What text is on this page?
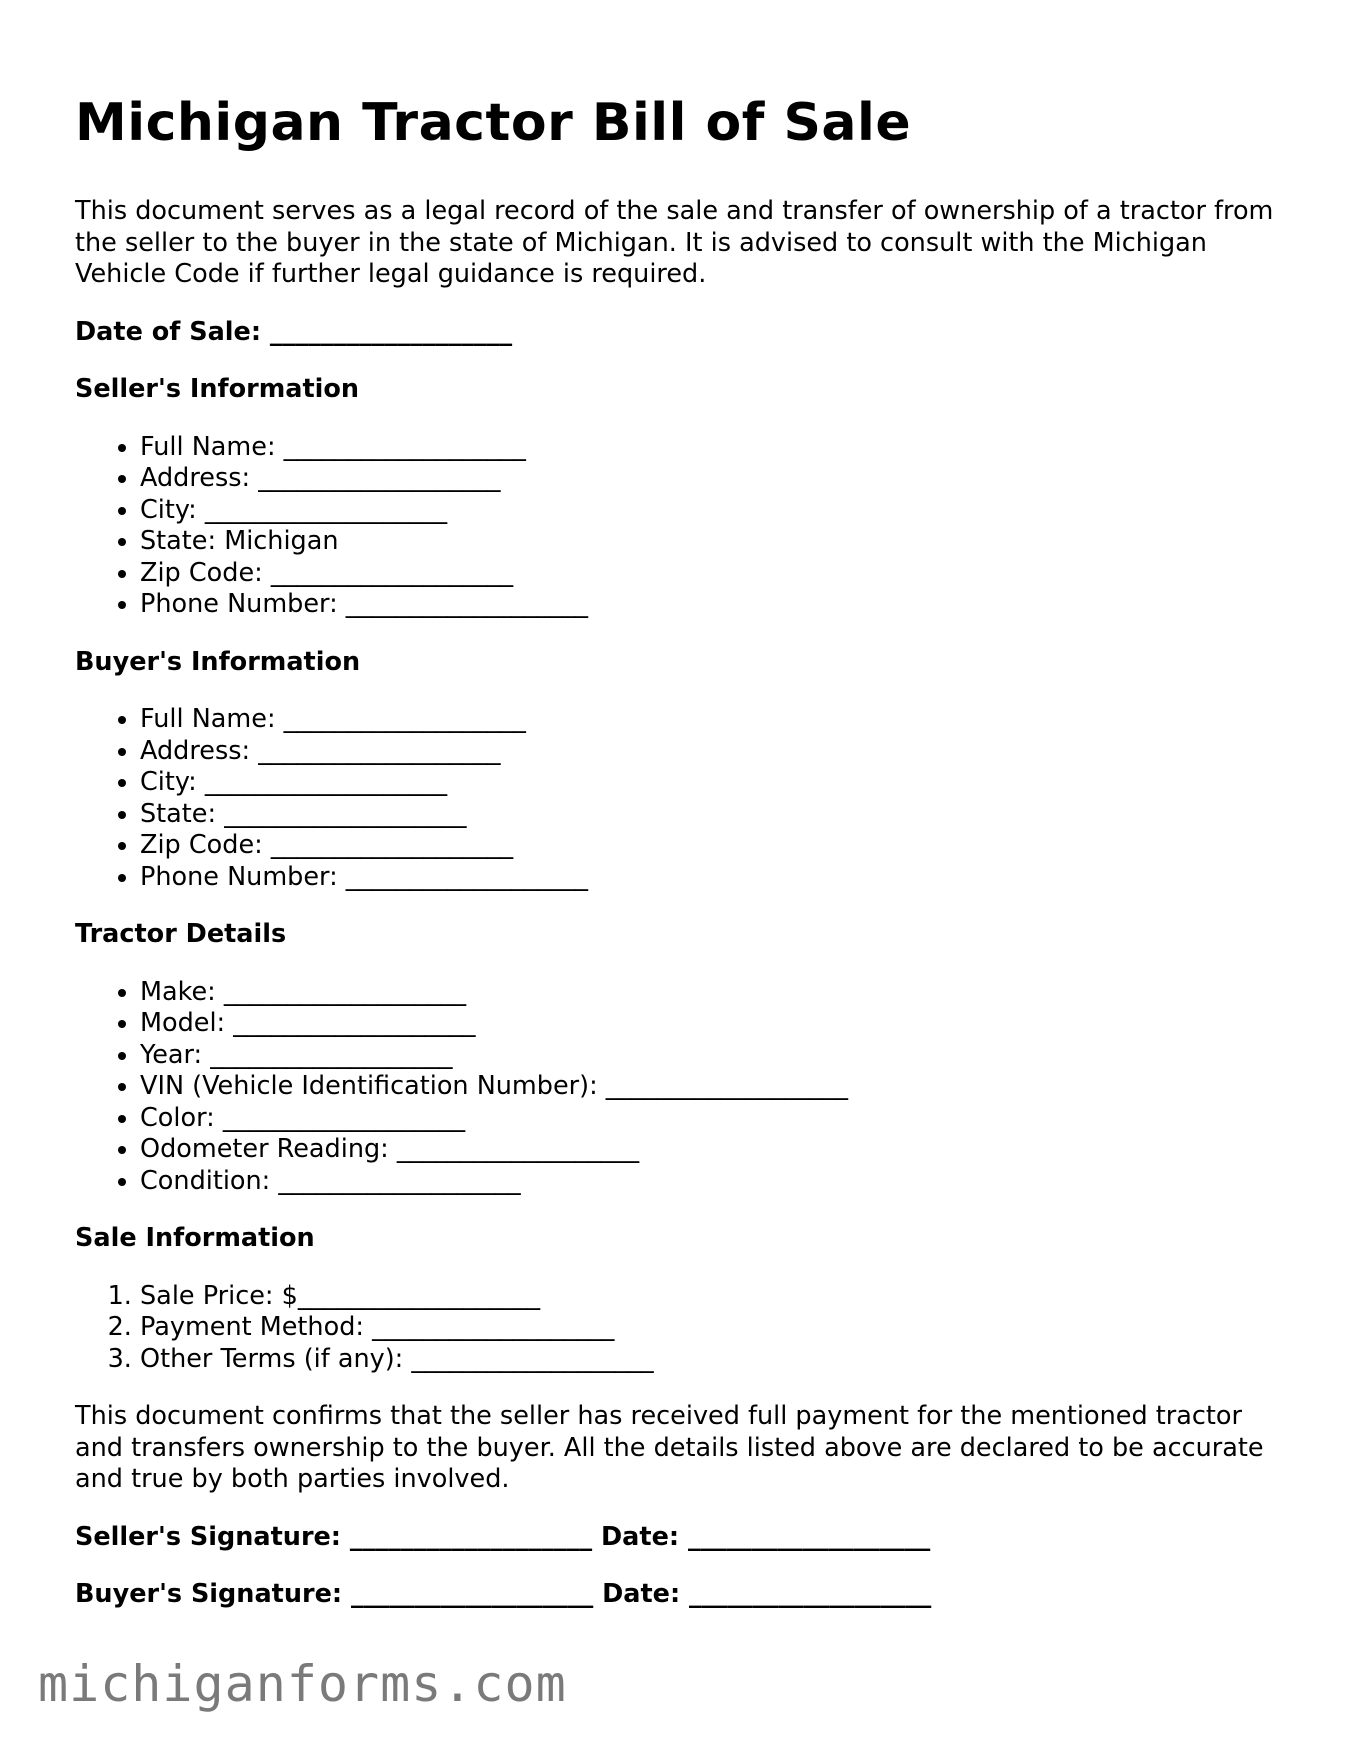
Michigan Tractor Bill of Sale

This document serves as a legal record of the sale and transfer of ownership of a tractor from the seller to the buyer in the state of Michigan. It is advised to consult with the Michigan Vehicle Code if further legal guidance is required.

Date of Sale: ___________________
Seller's Information
• Full Name: ___________________
• Address: ___________________
• City: ___________________
• State: Michigan
• Zip Code: ___________________
• Phone Number: ___________________
Buyer's Information
• Full Name: ___________________
• Address: ___________________
• City: ___________________
• State: ___________________
• Zip Code: ___________________
• Phone Number: ___________________
Tractor Details
• Make: ___________________
• Model: ___________________
• Year: ___________________
• VIN (Vehicle Identification Number): ___________________
• Color: ___________________
• Odometer Reading: ___________________
• Condition: ___________________
Sale Information
1. Sale Price: $___________________
2. Payment Method: ___________________
3. Other Terms (if any): ___________________

This document confirms that the seller has received full payment for the mentioned tractor and transfers ownership to the buyer. All the details listed above are declared to be accurate and true by both parties involved.

Seller's Signature: ___________________ Date: ___________________
Buyer's Signature: ___________________ Date: ___________________
michiganforms.com
